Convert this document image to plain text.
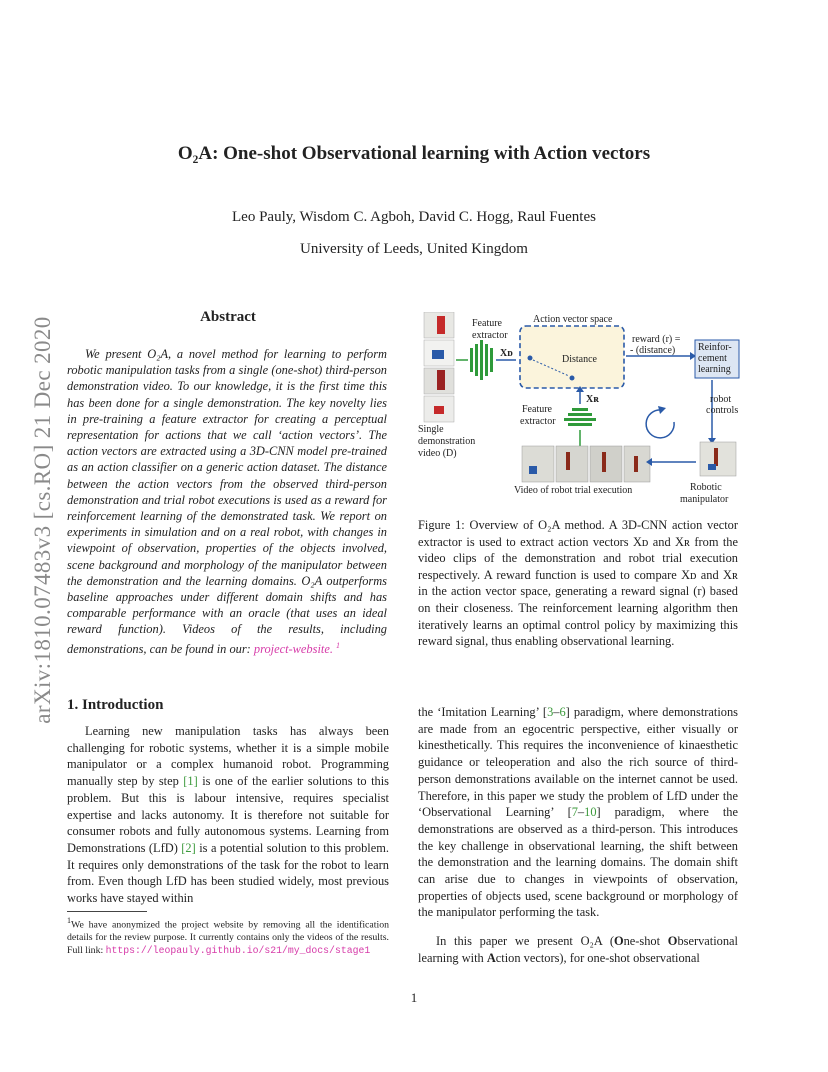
arXiv:1810.07483v3 [cs.RO] 21 Dec 2020
O₂A: One-shot Observational learning with Action vectors
Leo Pauly, Wisdom C. Agboh, David C. Hogg, Raul Fuentes
University of Leeds, United Kingdom
Abstract
We present O₂A, a novel method for learning to perform robotic manipulation tasks from a single (one-shot) third-person demonstration video. To our knowledge, it is the first time this has been done for a single demonstration. The key novelty lies in pre-training a feature extractor for creating a perceptual representation for actions that we call ‘action vectors’. The action vectors are extracted using a 3D-CNN model pre-trained as an action classifier on a generic action dataset. The distance between the action vectors from the observed third-person demonstration and trial robot executions is used as a reward for reinforcement learning of the demonstrated task. We report on experiments in simulation and on a real robot, with changes in viewpoint of observation, properties of the objects involved, scene background and morphology of the manipulator between the demonstration and the learning domains. O₂A outperforms baseline approaches under different domain shifts and has comparable performance with an oracle (that uses an ideal reward function). Videos of the results, including demonstrations, can be found in our: project-website. $^1$
Single
demonstration
video (D)
Feature
extractor
Xᴅ
Action vector space
Distance
reward (r) =
- (distance) Reinfor-
cement
learning
robot
controls
Xʀ
Feature
extractor
Video of robot trial execution	Robotic
manipulator
Figure 1: Overview of O₂A method. A 3D-CNN action vector extractor is used to extract action vectors Xᴅ and Xʀ from the video clips of the demonstration and robot trial execution respectively. A reward function is used to compare Xᴅ and Xʀ in the action vector space, generating a reward signal (r) based on their closeness. The reinforcement learning algorithm then iteratively learns an optimal control policy by maximizing this reward signal, thus enabling observational learning.
1. Introduction
Learning new manipulation tasks has always been challenging for robotic systems, whether it is a simple mobile manipulator or a complex humanoid robot. Programming manually step by step [1] is one of the earlier solutions to this problem. But this is labour intensive, requires specialist expertise and lacks autonomy. It is therefore not suitable for consumer robots and fully autonomous systems. Learning from Demonstrations (LfD) [2] is a potential solution to this problem. It requires only demonstrations of the task for the robot to learn from. Even though LfD has been studied widely, most previous works have stayed within
$^1$We have anonymized the project website by removing all the identification details for the review purpose. It currently contains only the videos of the results. Full link: https://leopauly.github.io/s21/my_docs/stage1
the ‘Imitation Learning’ [3–6] paradigm, where demonstrations are made from an egocentric perspective, either visually or kinesthetically. This requires the inconvenience of kinaesthetic guidance or teleoperation and also the rich source of third-person demonstrations available on the internet cannot be used. Therefore, in this paper we study the problem of LfD under the ‘Observational Learning’ [7–10] paradigm, where the demonstrations are observed as a third-person. This introduces the key challenge in observational learning, the shift between the demonstration and the learning domains. The domain shift can arise due to changes in viewpoints of observation, properties of objects used, scene background or morphology of the manipulator performing the task.
In this paper we present O₂A (One-shot Observational learning with Action vectors), for one-shot observational
1
